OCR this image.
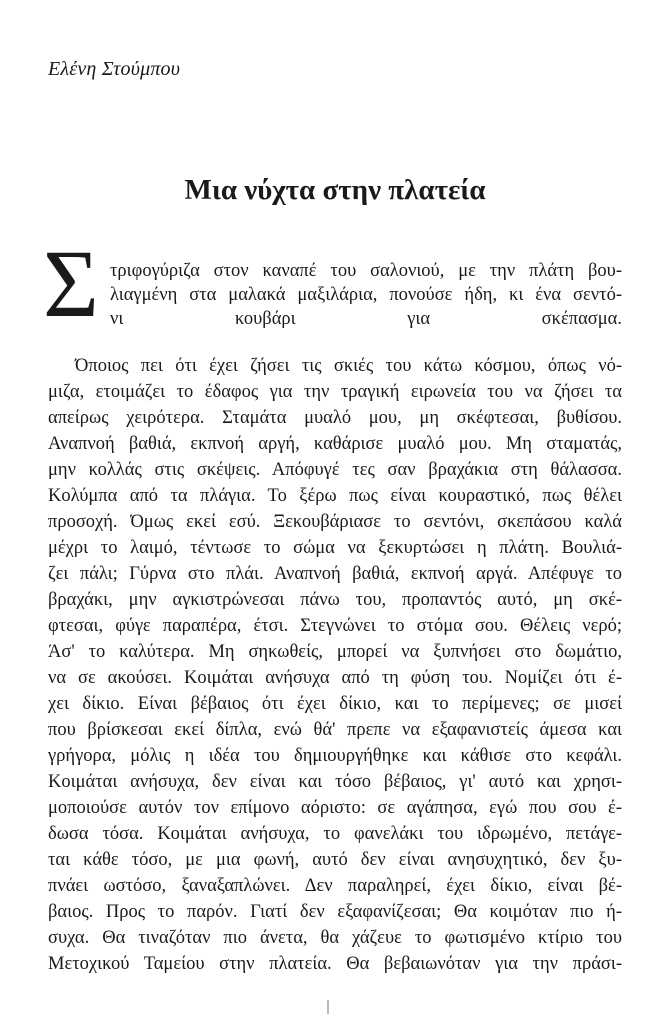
Ελένη Στούμπου
Μια νύχτα στην πλατεία
Σ τριφογύριζα στον καναπέ του σαλονιού, με την πλάτη βου-
λιαγμένη στα μαλακά μαξιλάρια, πονούσε ήδη, κι ένα σεντό-
νι κουβάρι για σκέπασμα.
Όποιος πει ότι έχει ζήσει τις σκιές του κάτω κόσμου, όπως νό-
μιζα, ετοιμάζει το έδαφος για την τραγική ειρωνεία του να ζήσει τα
απείρως χειρότερα. Σταμάτα μυαλό μου, μη σκέφτεσαι, βυθίσου.
Αναπνοή βαθιά, εκπνοή αργή, καθάρισε μυαλό μου. Μη σταματάς,
μην κολλάς στις σκέψεις. Απόφυγέ τες σαν βραχάκια στη θάλασσα.
Κολύμπα από τα πλάγια. Το ξέρω πως είναι κουραστικό, πως θέλει
προσοχή. Όμως εκεί εσύ. Ξεκουβάριασε το σεντόνι, σκεπάσου καλά
μέχρι το λαιμό, τέντωσε το σώμα να ξεκυρτώσει η πλάτη. Βουλιά-
ζει πάλι; Γύρνα στο πλάι. Αναπνοή βαθιά, εκπνοή αργά. Απέφυγε το
βραχάκι, μην αγκιστρώνεσαι πάνω του, προπαντός αυτό, μη σκέ-
φτεσαι, φύγε παραπέρα, έτσι. Στεγνώνει το στόμα σου. Θέλεις νερό;
Άσ' το καλύτερα. Μη σηκωθείς, μπορεί να ξυπνήσει στο δωμάτιο,
να σε ακούσει. Κοιμάται ανήσυχα από τη φύση του. Νομίζει ότι έ-
χει δίκιο. Είναι βέβαιος ότι έχει δίκιο, και το περίμενες; σε μισεί
που βρίσκεσαι εκεί δίπλα, ενώ θά' πρεπε να εξαφανιστείς άμεσα και
γρήγορα, μόλις η ιδέα του δημιουργήθηκε και κάθισε στο κεφάλι.
Κοιμάται ανήσυχα, δεν είναι και τόσο βέβαιος, γι' αυτό και χρησι-
μοποιούσε αυτόν τον επίμονο αόριστο: σε αγάπησα, εγώ που σου έ-
δωσα τόσα. Κοιμάται ανήσυχα, το φανελάκι του ιδρωμένο, πετάγε-
ται κάθε τόσο, με μια φωνή, αυτό δεν είναι ανησυχητικό, δεν ξυ-
πνάει ωστόσο, ξαναξαπλώνει. Δεν παραληρεί, έχει δίκιο, είναι βέ-
βαιος. Προς το παρόν. Γιατί δεν εξαφανίζεσαι; Θα κοιμόταν πιο ή-
συχα. Θα τιναζόταν πιο άνετα, θα χάζευε το φωτισμένο κτίριο του
Μετοχικού Ταμείου στην πλατεία. Θα βεβαιωνόταν για την πράσι-
